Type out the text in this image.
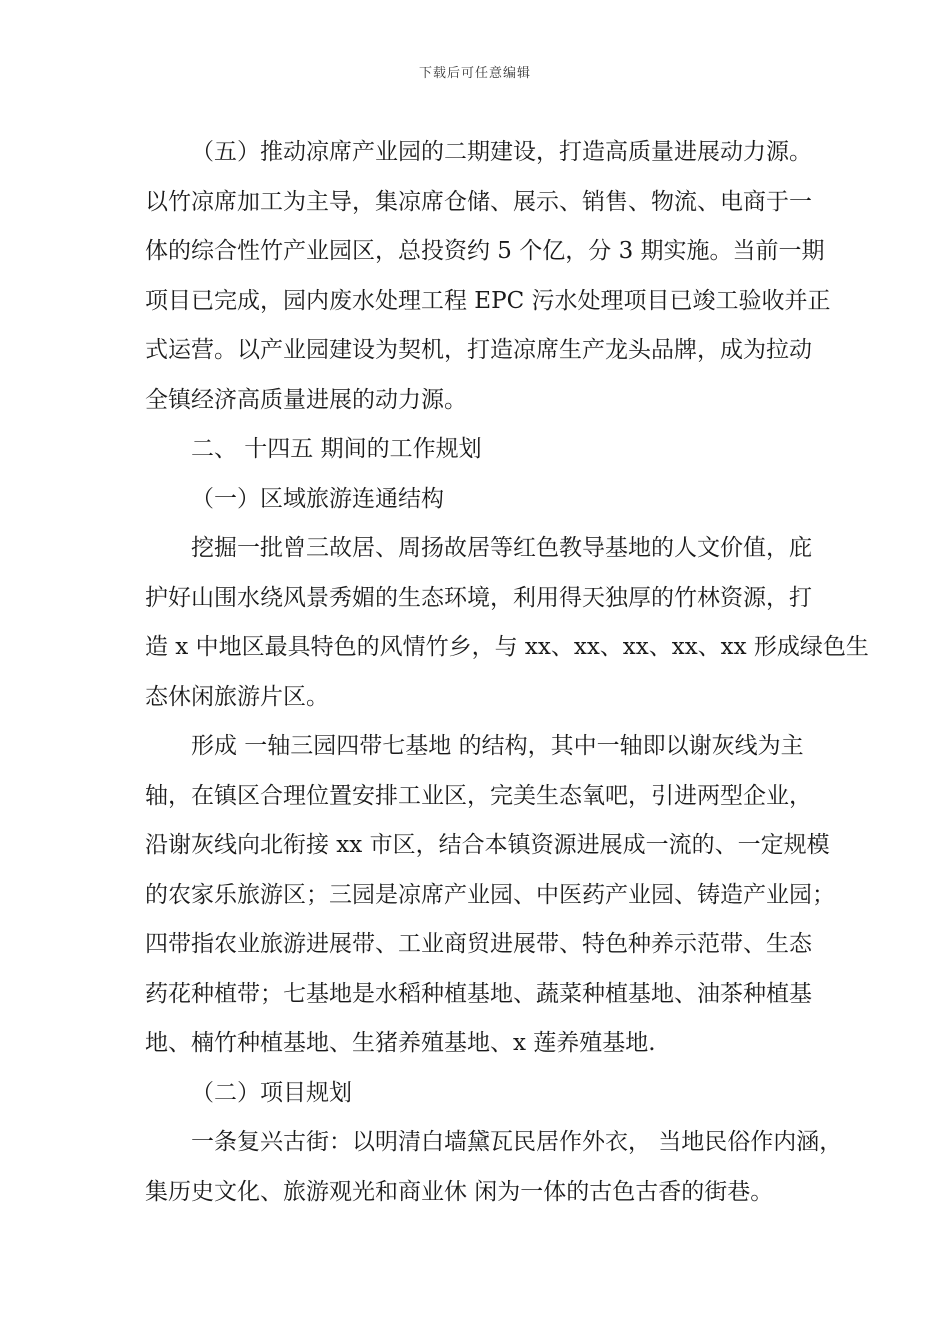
下载后可任意编辑
（五）推动凉席产业园的二期建设，打造高质量进展动力源。
以竹凉席加工为主导，集凉席仓储、展示、销售、物流、电商于一
体的综合性竹产业园区，总投资约 5 个亿，分 3 期实施。当前一期
项目已完成，园内废水处理工程 EPC 污水处理项目已竣工验收并正
式运营。以产业园建设为契机，打造凉席生产龙头品牌，成为拉动
全镇经济高质量进展的动力源。
二、 十四五 期间的工作规划
（一）区域旅游连通结构
挖掘一批曾三故居、周扬故居等红色教导基地的人文价值，庇
护好山围水绕风景秀媚的生态环境，利用得天独厚的竹林资源，打
造 x 中地区最具特色的风情竹乡，与 xx、xx、xx、xx、xx 形成绿色生
态休闲旅游片区。
形成 一轴三园四带七基地 的结构，其中一轴即以谢灰线为主
轴，在镇区合理位置安排工业区，完美生态氧吧，引进两型企业，
沿谢灰线向北衔接 xx 市区，结合本镇资源进展成一流的、一定规模
的农家乐旅游区；三园是凉席产业园、中医药产业园、铸造产业园；
四带指农业旅游进展带、工业商贸进展带、特色种养示范带、生态
药花种植带；七基地是水稻种植基地、蔬菜种植基地、油茶种植基
地、楠竹种植基地、生猪养殖基地、x 莲养殖基地.
（二）项目规划
一条复兴古街：以明清白墙黛瓦民居作外衣， 当地民俗作内涵，
集历史文化、旅游观光和商业休 闲为一体的古色古香的街巷。
